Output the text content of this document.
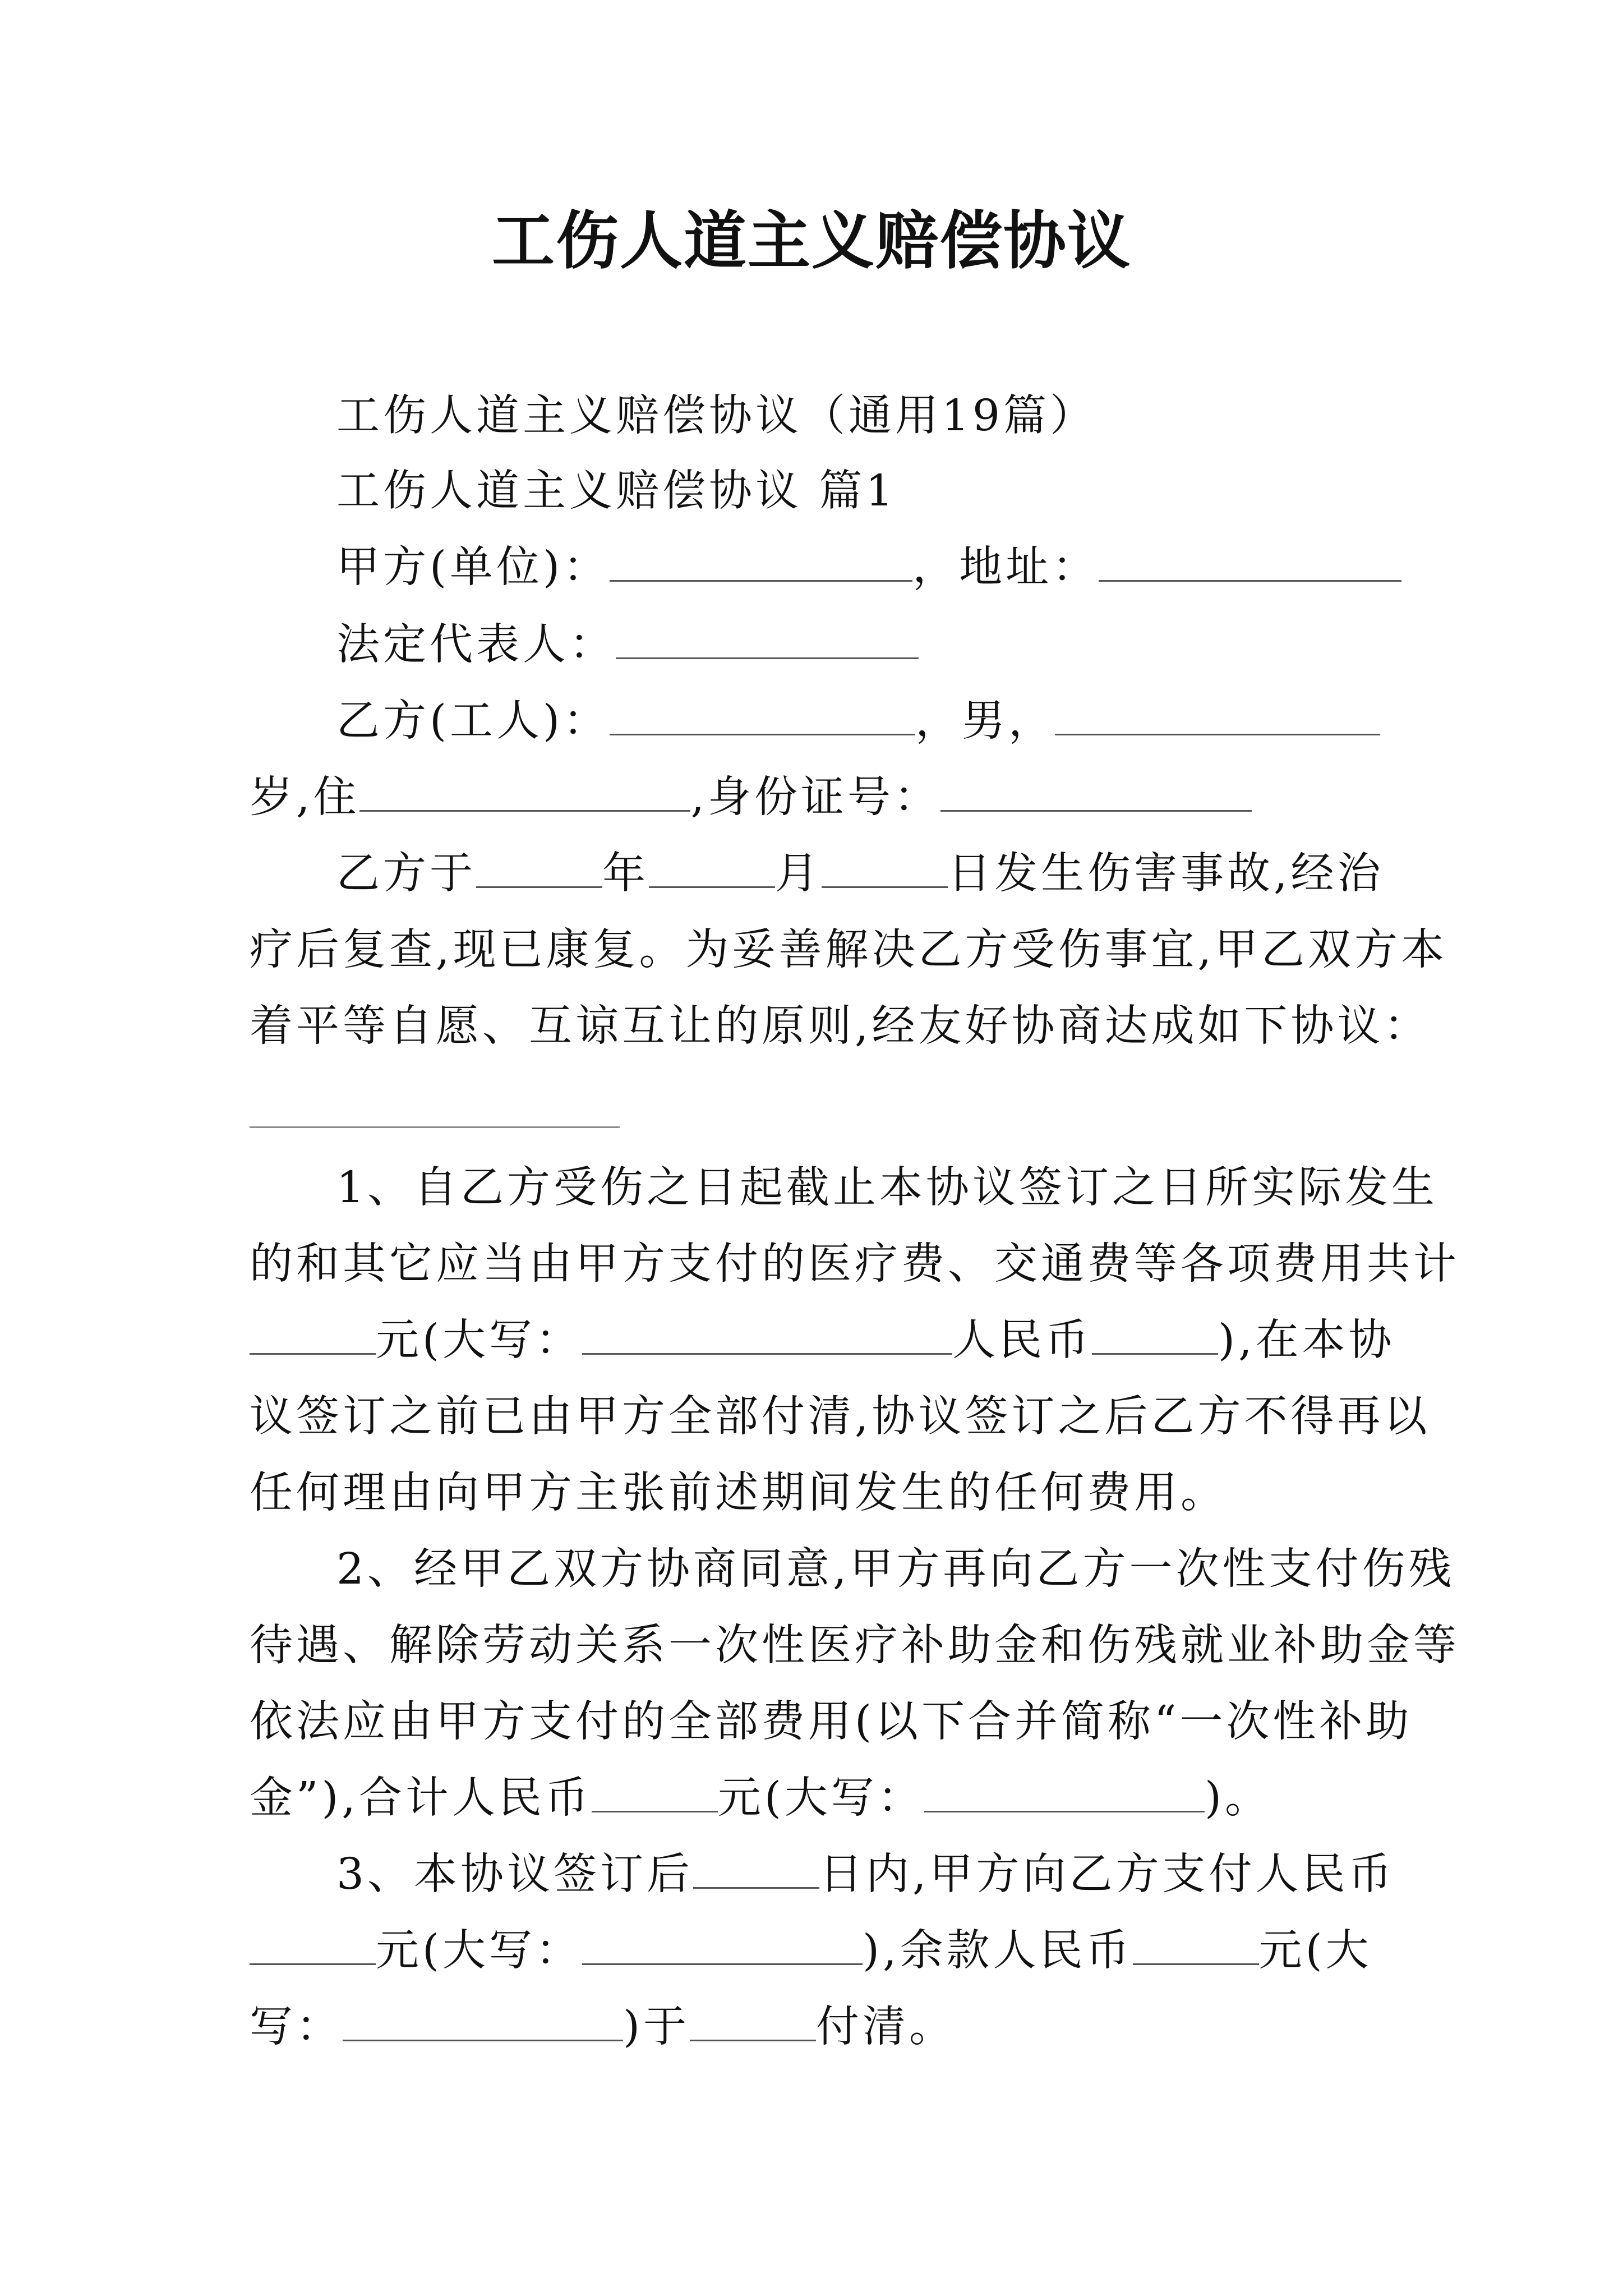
工伤人道主义赔偿协议
工伤人道主义赔偿协议（通用19篇）
工伤人道主义赔偿协议 篇1
甲方(单位)：	，地址：
法定代表人：
乙方(工人)：	，男，
岁,住	,身份证号：
乙方于	年	月	日发生伤害事故,经治
疗后复查,现已康复。为妥善解决乙方受伤事宜,甲乙双方本
着平等自愿、互谅互让的原则,经友好协商达成如下协议：
1、自乙方受伤之日起截止本协议签订之日所实际发生
的和其它应当由甲方支付的医疗费、交通费等各项费用共计
元(大写：	人民币	),在本协
议签订之前已由甲方全部付清,协议签订之后乙方不得再以
任何理由向甲方主张前述期间发生的任何费用。
2、经甲乙双方协商同意,甲方再向乙方一次性支付伤残
待遇、解除劳动关系一次性医疗补助金和伤残就业补助金等
依法应由甲方支付的全部费用(以下合并简称“一次性补助
金”),合计人民币	元(大写：	)。
3、本协议签订后	日内,甲方向乙方支付人民币
元(大写：	),余款人民币	元(大
写：	)于	付清。
